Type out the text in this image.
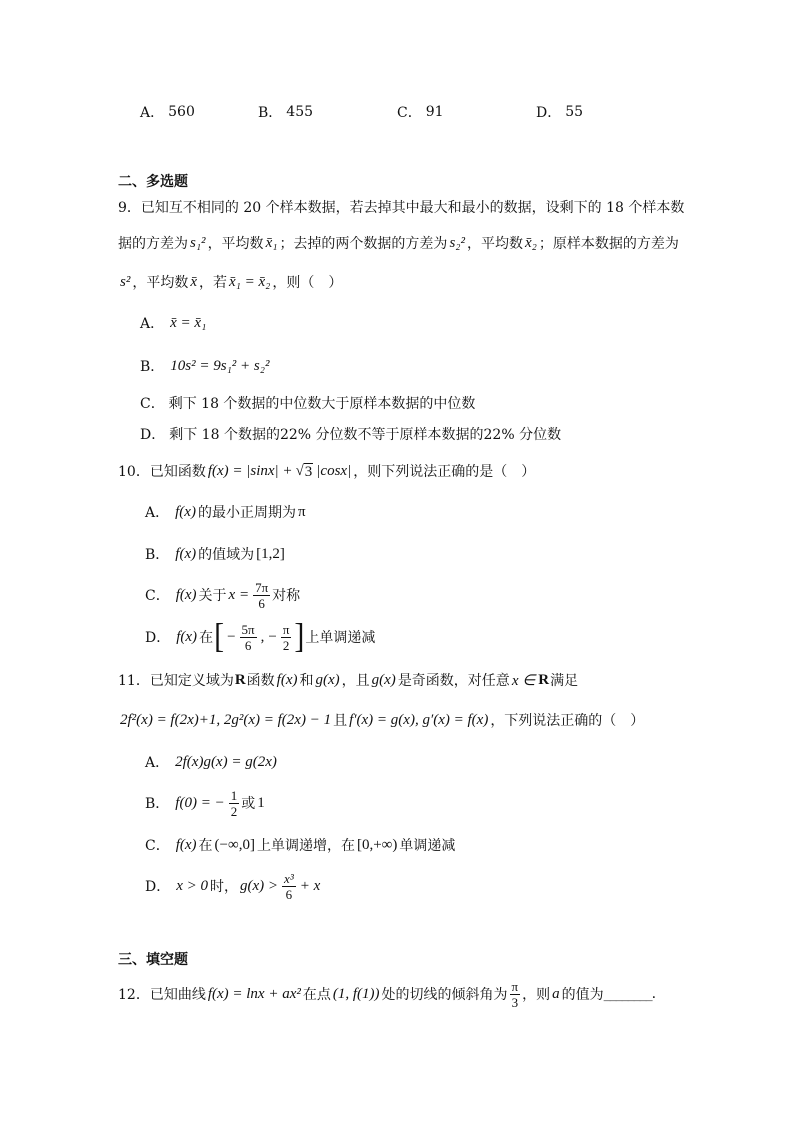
A． 560	B． 455	C． 91	D． 55
二、多选题
9． 已知互不相同的 20 个样本数据，若去掉其中最大和最小的数据，设剩下的 18 个样本数
据的方差为 s₁² ，平均数 x̄₁ ；去掉的两个数据的方差为 s₂² ，平均数 x̄₂ ；原样本数据的方差为
s² ，平均数 x̄ ，若 x̄₁ = x̄₂ ，则（　）
A． x̄ = x̄₁
B． 10s² = 9s₁² + s₂²
C． 剩下 18 个数据的中位数大于原样本数据的中位数
D． 剩下 18 个数据的22% 分位数不等于原样本数据的22% 分位数
10． 已知函数 f(x) = |sinx| + √ 3 |cosx| ，则下列说法正确的是（　）
A． f(x) 的最小正周期为 π
B． f(x) 的值域为 [1,2]
C． f(x) 关于 $x = \frac{7\pi}{6}$ 对称
D． f(x) 在 [ − $\frac{5\pi}{6}$ , − $\frac{\pi}{2}$ ] 上单调递减
11． 已知定义域为 R 函数 f(x) 和 g(x) ，且 g(x) 是奇函数，对任意 x ∈ R 满足
2f²(x) = f(2x)+1, 2g²(x) = f(2x) − 1 且 f′(x) = g(x), g′(x) = f(x) ，下列说法正确的（　）
A． 2f(x)g(x) = g(2x)
B． f(0) = − $\frac{1}{2}$ 或 1
C． f(x) 在 (−∞,0] 上单调递增，在 [0,+∞) 单调递减
D． x > 0 时， $g(x) > \frac{\text{x³}}{6} + x$
三、填空题
12． 已知曲线 f(x) = lnx + ax² 在点 (1, f(1)) 处的切线的倾斜角为 $\frac{\pi}{3}$ ，则 a 的值为 ________ .
